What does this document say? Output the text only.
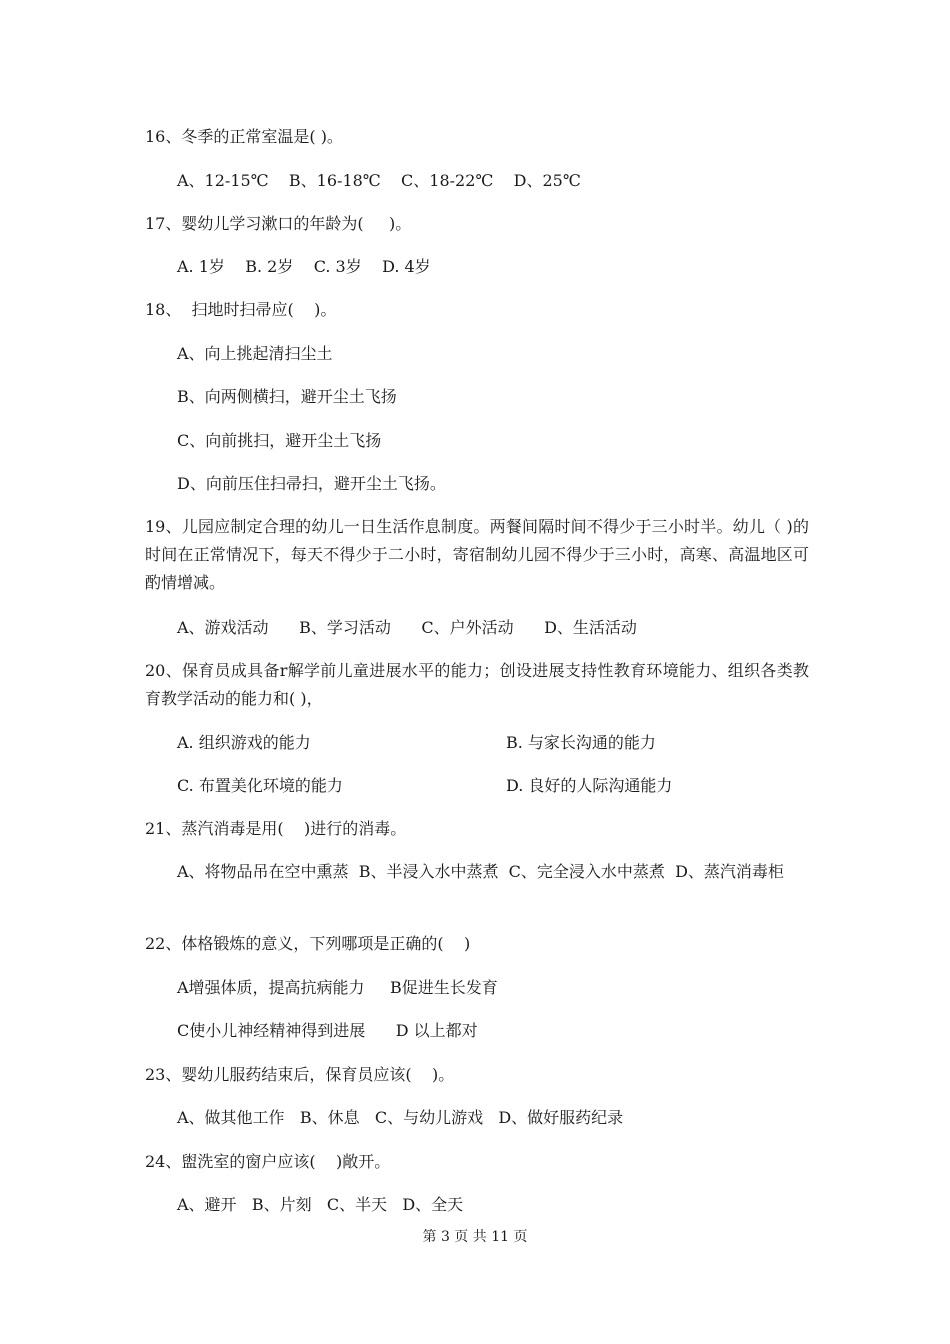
16、冬季的正常室温是( )。
A、12-15℃    B、16-18℃    C、18-22℃    D、25℃
17、婴幼儿学习漱口的年龄为(     )。
A. 1岁    B. 2岁    C. 3岁    D. 4岁
18、  扫地时扫帚应(    )。
A、向上挑起清扫尘土
B、向两侧横扫，避开尘土飞扬
C、向前挑扫，避开尘土飞扬
D、向前压住扫帚扫，避开尘土飞扬。
19、儿园应制定合理的幼儿一日生活作息制度。两餐间隔时间不得少于三小时半。幼儿（ )的时间在正常情况下，每天不得少于二小时，寄宿制幼儿园不得少于三小时，高寒、高温地区可酌情增减。
A、游戏活动      B、学习活动      C、户外活动      D、生活活动
20、保育员成具备r解学前儿童进展水平的能力；创设进展支持性教育环境能力、组织各类教育教学活动的能力和( )，
A. 组织游戏的能力	B. 与家长沟通的能力
C. 布置美化环境的能力	D. 良好的人际沟通能力
21、蒸汽消毒是用(    )进行的消毒。
A、将物品吊在空中熏蒸  B、半浸入水中蒸煮  C、完全浸入水中蒸煮  D、蒸汽消毒柜
22、体格锻炼的意义，下列哪项是正确的(    )
A增强体质，提高抗病能力     B促进生长发育
C使小儿神经精神得到进展      D 以上都对
23、婴幼儿服药结束后，保育员应该(    )。
A、做其他工作   B、休息   C、与幼儿游戏   D、做好服药纪录
24、盥洗室的窗户应该(    )敞开。
A、避开   B、片刻   C、半天   D、全天
第 3 页 共 11 页
